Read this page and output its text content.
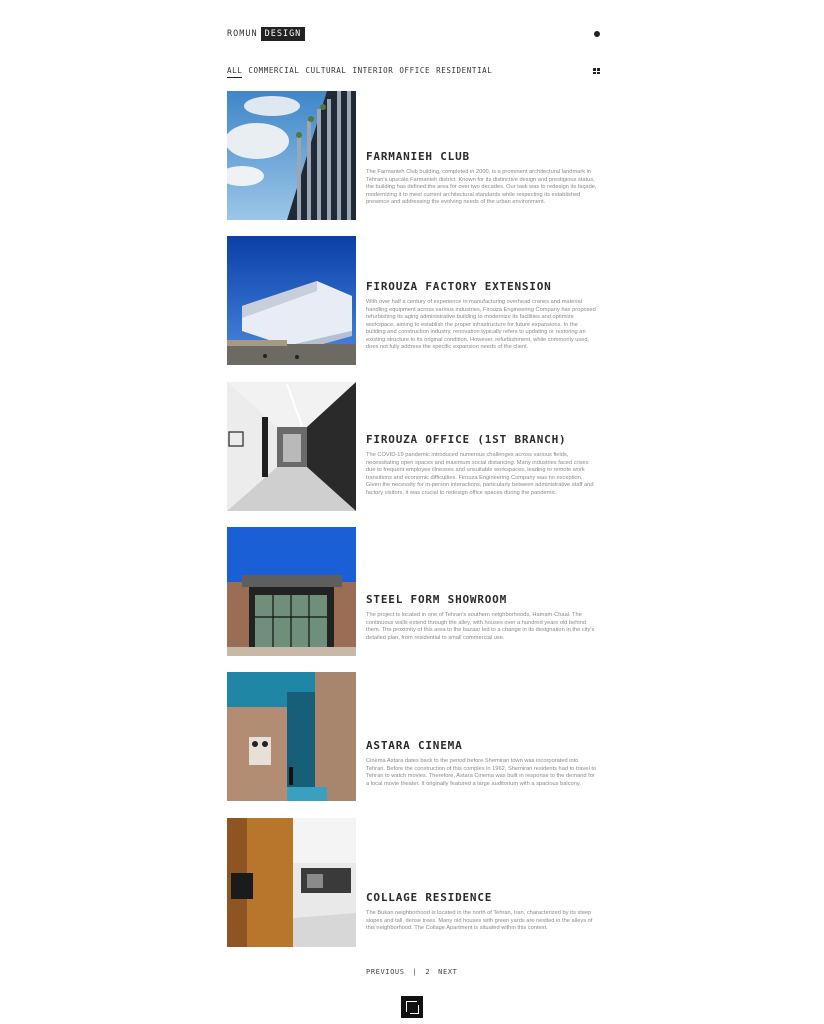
ROMUN DESIGN
ALL COMMERCIAL CULTURAL INTERIOR OFFICE RESIDENTIAL
FARMANIEH CLUB

The Farmanieh Club building, completed in 2000, is a prominent architectural landmark in Tehran's upscale Farmanieh district. Known for its distinctive design and prestigious status, the building has defined the area for over two decades. Our task was to redesign its façade, modernizing it to meet current architectural standards while respecting its established presence and addressing the evolving needs of the urban environment.

FIROUZA FACTORY EXTENSION

With over half a century of experience in manufacturing overhead cranes and material handling equipment across various industries, Firouza Engineering Company has proposed refurbishing its aging administrative building to modernize its facilities and optimize workspace, aiming to establish the proper infrastructure for future expansions. In the building and construction industry, renovation typically refers to updating or restoring an existing structure to its original condition. However, refurbishment, while commonly used, does not fully address the specific expansion needs of the client.

FIROUZA OFFICE (1ST BRANCH)

The COVID-19 pandemic introduced numerous challenges across various fields, necessitating open spaces and maximum social distancing. Many industries faced crises due to frequent employee illnesses and unsuitable workspaces, leading to remote work transitions and economic difficulties. Firouza Engineering Company was no exception. Given the necessity for in-person interactions, particularly between administrative staff and factory visitors, it was crucial to redesign office spaces during the pandemic.

STEEL FORM SHOWROOM

The project is located in one of Tehran's southern neighborhoods, Hamam-Chaal. The continuous walls extend through the alley, with houses over a hundred years old behind them. The proximity of this area to the bazaar led to a change in its designation in the city's detailed plan, from residential to small commercial use.

ASTARA CINEMA

Cinema Astara dates back to the period before Shemiran town was incorporated into Tehran. Before the construction of this complex in 1962, Shemiran residents had to travel to Tehran to watch movies. Therefore, Astara Cinema was built in response to the demand for a local movie theater. It originally featured a large auditorium with a spacious balcony.

COLLAGE RESIDENCE

The Bukan neighborhood is located in the north of Tehran, Iran, characterized by its steep slopes and tall, dense trees. Many old houses with green yards are nestled in the alleys of this neighborhood. The Collage Apartment is situated within this context.

PREVIOUS | 2 NEXT
